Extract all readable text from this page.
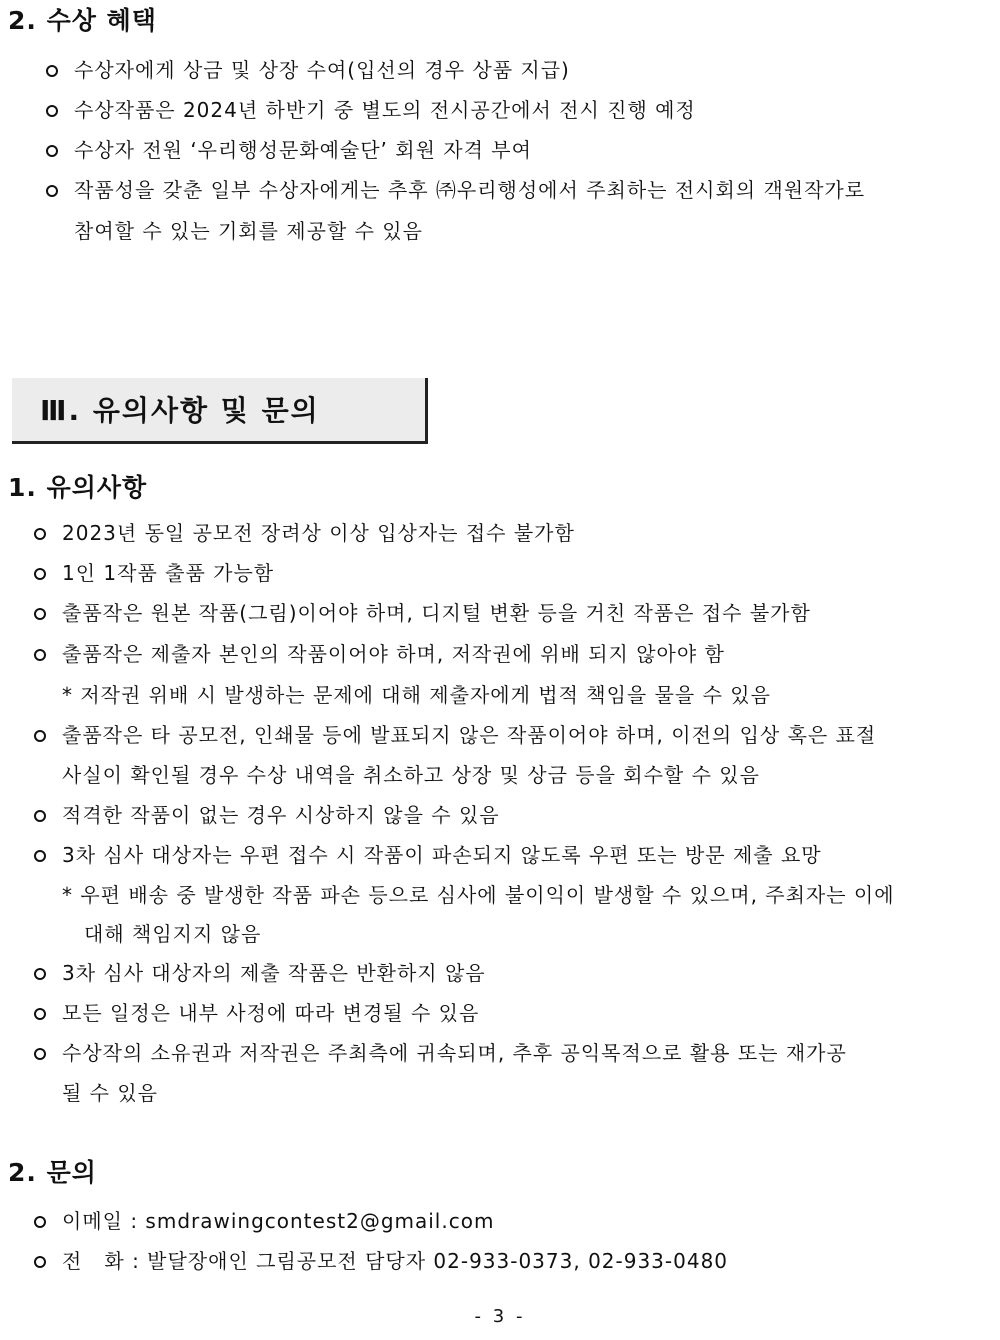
2. 수상 혜택
수상자에게 상금 및 상장 수여(입선의 경우 상품 지급)
수상작품은 2024년 하반기 중 별도의 전시공간에서 전시 진행 예정
수상자 전원 ‘우리행성문화예술단’ 회원 자격 부여
작품성을 갖춘 일부 수상자에게는 추후 ㈜우리행성에서 주최하는 전시회의 객원작가로
참여할 수 있는 기회를 제공할 수 있음
Ⅲ. 유의사항 및 문의
1. 유의사항
2023년 동일 공모전 장려상 이상 입상자는 접수 불가함
1인 1작품 출품 가능함
출품작은 원본 작품(그림)이어야 하며, 디지털 변환 등을 거친 작품은 접수 불가함
출품작은 제출자 본인의 작품이어야 하며, 저작권에 위배 되지 않아야 함
* 저작권 위배 시 발생하는 문제에 대해 제출자에게 법적 책임을 물을 수 있음
출품작은 타 공모전, 인쇄물 등에 발표되지 않은 작품이어야 하며, 이전의 입상 혹은 표절
사실이 확인될 경우 수상 내역을 취소하고 상장 및 상금 등을 회수할 수 있음
적격한 작품이 없는 경우 시상하지 않을 수 있음
3차 심사 대상자는 우편 접수 시 작품이 파손되지 않도록 우편 또는 방문 제출 요망
* 우편 배송 중 발생한 작품 파손 등으로 심사에 불이익이 발생할 수 있으며, 주최자는 이에
대해 책임지지 않음
3차 심사 대상자의 제출 작품은 반환하지 않음
모든 일정은 내부 사정에 따라 변경될 수 있음
수상작의 소유권과 저작권은 주최측에 귀속되며, 추후 공익목적으로 활용 또는 재가공
될 수 있음
2. 문의
이메일 : smdrawingcontest2@gmail.com
전   화 : 발달장애인 그림공모전 담당자 02-933-0373, 02-933-0480
- 3 -
